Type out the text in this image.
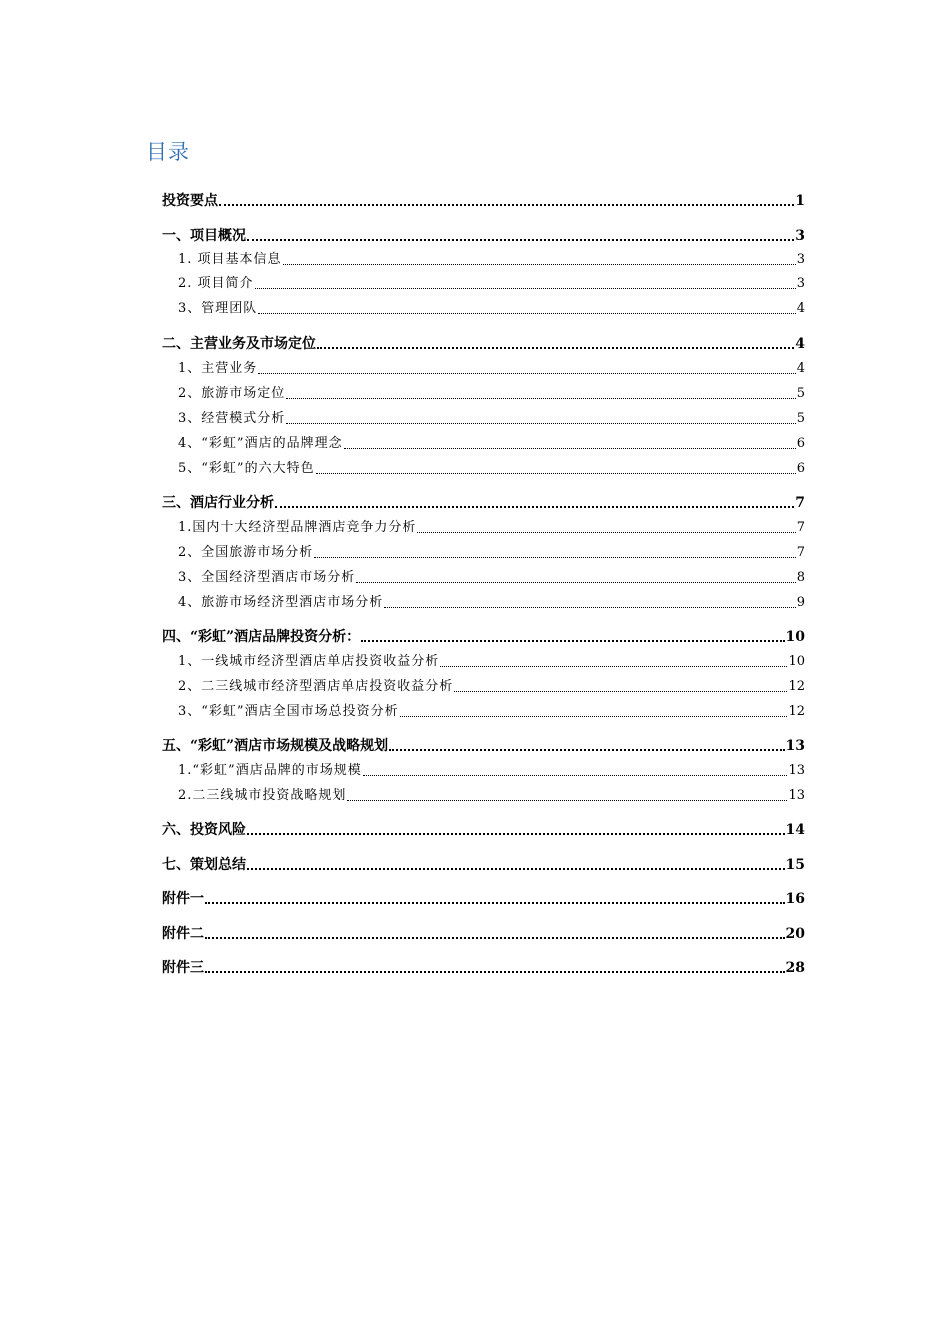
目录
投资要点	1
一、项目概况	3
1. 项目基本信息	3
2. 项目简介	3
3、管理团队	4
二、主营业务及市场定位	4
1、主营业务	4
2、旅游市场定位	5
3、经营模式分析	5
4、“彩虹”酒店的品牌理念	6
5、“彩虹”的六大特色	6
三、酒店行业分析	7
1.国内十大经济型品牌酒店竞争力分析	7
2、全国旅游市场分析	7
3、全国经济型酒店市场分析	8
4、旅游市场经济型酒店市场分析	9
四、“彩虹”酒店品牌投资分析：	10
1、一线城市经济型酒店单店投资收益分析	10
2、二三线城市经济型酒店单店投资收益分析	12
3、“彩虹”酒店全国市场总投资分析	12
五、“彩虹”酒店市场规模及战略规划	13
1.“彩虹”酒店品牌的市场规模	13
2.二三线城市投资战略规划	13
六、投资风险	14
七、策划总结	15
附件一	16
附件二	20
附件三	28
